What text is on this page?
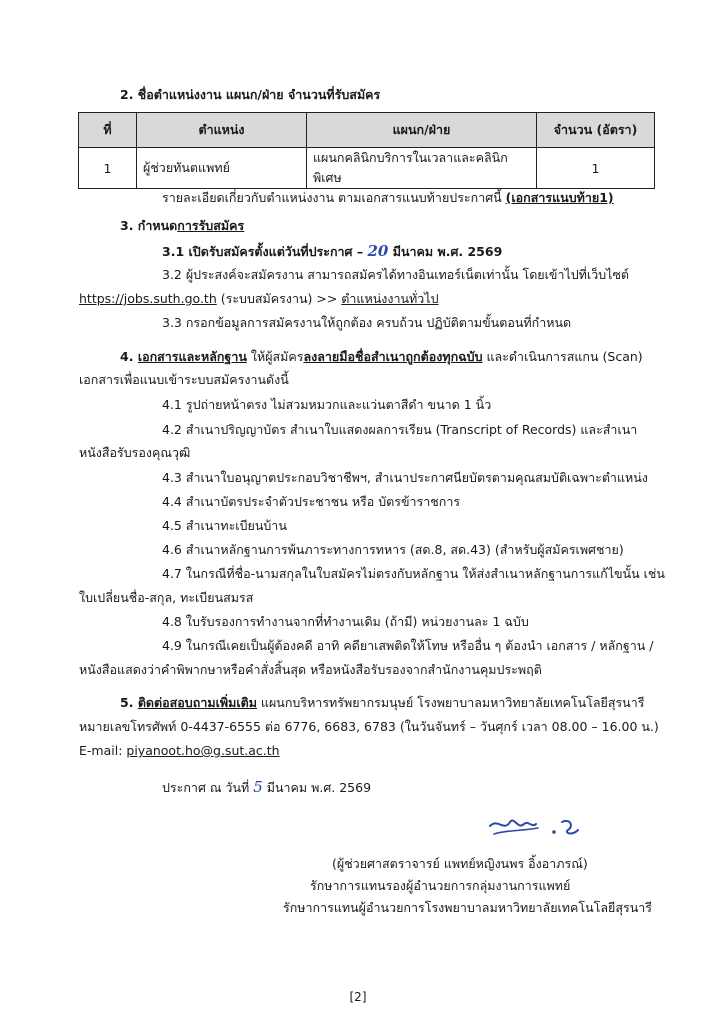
2. ชื่อตำแหน่งงาน แผนก/ฝ่าย จำนวนที่รับสมัคร
ที่	ตำแหน่ง	แผนก/ฝ่าย	จำนวน (อัตรา)
1	ผู้ช่วยทันตแพทย์	แผนกคลินิกบริการในเวลาและคลินิกพิเศษ	1
รายละเอียดเกี่ยวกับตำแหน่งงาน ตามเอกสารแนบท้ายประกาศนี้ (เอกสารแนบท้าย1)
3. กำหนดการรับสมัคร
3.1 เปิดรับสมัครตั้งแต่วันที่ประกาศ – 20 มีนาคม พ.ศ. 2569
3.2 ผู้ประสงค์จะสมัครงาน สามารถสมัครได้ทางอินเทอร์เน็ตเท่านั้น โดยเข้าไปที่เว็บไซต์
https://jobs.suth.go.th (ระบบสมัครงาน) >> ตำแหน่งงานทั่วไป
3.3 กรอกข้อมูลการสมัครงานให้ถูกต้อง ครบถ้วน ปฏิบัติตามขั้นตอนที่กำหนด
4. เอกสารและหลักฐาน ให้ผู้สมัครลงลายมือชื่อสำเนาถูกต้องทุกฉบับ และดำเนินการสแกน (Scan)
เอกสารเพื่อแนบเข้าระบบสมัครงานดังนี้
4.1 รูปถ่ายหน้าตรง ไม่สวมหมวกและแว่นตาสีดำ ขนาด 1 นิ้ว
4.2 สำเนาปริญญาบัตร สำเนาใบแสดงผลการเรียน (Transcript of Records) และสำเนา
หนังสือรับรองคุณวุฒิ
4.3 สำเนาใบอนุญาตประกอบวิชาชีพฯ, สำเนาประกาศนียบัตรตามคุณสมบัติเฉพาะตำแหน่ง
4.4 สำเนาบัตรประจำตัวประชาชน หรือ บัตรข้าราชการ
4.5 สำเนาทะเบียนบ้าน
4.6 สำเนาหลักฐานการพ้นภาระทางการทหาร (สด.8, สด.43) (สำหรับผู้สมัครเพศชาย)
4.7 ในกรณีที่ชื่อ-นามสกุลในใบสมัครไม่ตรงกับหลักฐาน ให้ส่งสำเนาหลักฐานการแก้ไขนั้น เช่น
ใบเปลี่ยนชื่อ-สกุล, ทะเบียนสมรส
4.8 ใบรับรองการทำงานจากที่ทำงานเดิม (ถ้ามี) หน่วยงานละ 1 ฉบับ
4.9 ในกรณีเคยเป็นผู้ต้องคดี อาทิ คดียาเสพติดให้โทษ หรืออื่น ๆ ต้องนำ เอกสาร / หลักฐาน /
หนังสือแสดงว่าคำพิพากษาหรือคำสั่งสิ้นสุด หรือหนังสือรับรองจากสำนักงานคุมประพฤติ
5. ติดต่อสอบถามเพิ่มเติม แผนกบริหารทรัพยากรมนุษย์ โรงพยาบาลมหาวิทยาลัยเทคโนโลยีสุรนารี
หมายเลขโทรศัพท์ 0-4437-6555 ต่อ 6776, 6683, 6783 (ในวันจันทร์ – วันศุกร์ เวลา 08.00 – 16.00 น.)
E-mail: piyanoot.ho@g.sut.ac.th
ประกาศ ณ วันที่ 5 มีนาคม พ.ศ. 2569
(ผู้ช่วยศาสตราจารย์ แพทย์หญิงนพร อิ้งอาภรณ์)
รักษาการแทนรองผู้อำนวยการกลุ่มงานการแพทย์
รักษาการแทนผู้อำนวยการโรงพยาบาลมหาวิทยาลัยเทคโนโลยีสุรนารี
[2]
